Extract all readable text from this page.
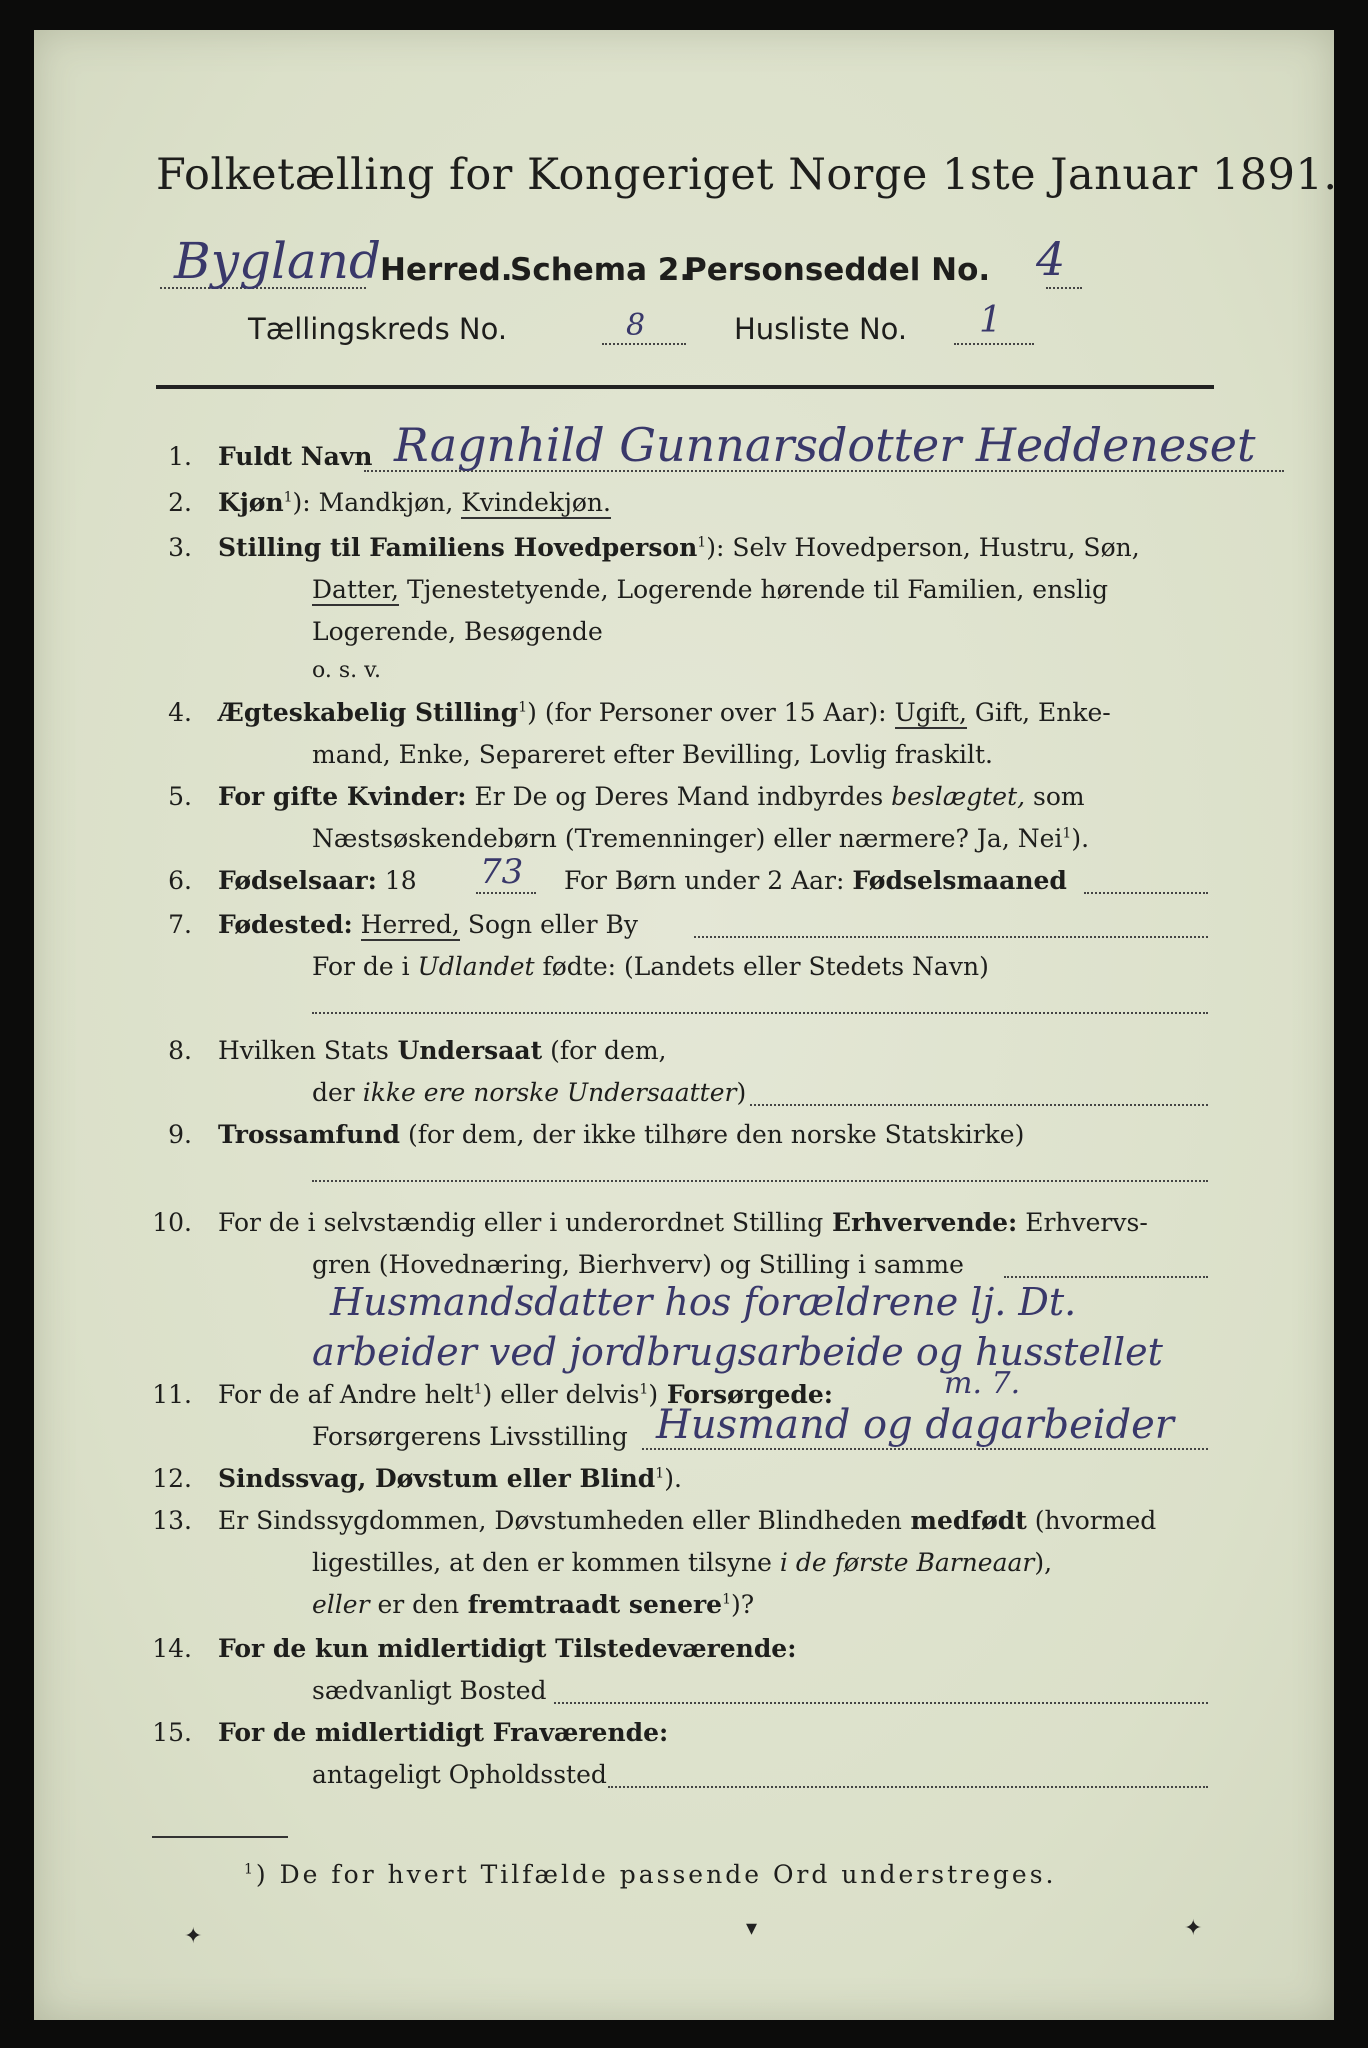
Folketælling for Kongeriget Norge 1ste Januar 1891.
Bygland
Herred.
Schema 2.
Personseddel No. 4
Tællingskreds No.	8	Husliste No. 1
1. Fuldt Navn Ragnhild Gunnarsdotter Heddeneset
2. Kjøn$^1$): Mandkjøn, Kvindekjøn.
3. Stilling til Familiens Hovedperson$^1$): Selv Hovedperson, Hustru, Søn,
Datter, Tjenestetyende, Logerende hørende til Familien, enslig
Logerende, Besøgende
o. s. v.
4. Ægteskabelig Stilling$^1$) (for Personer over 15 Aar): Ugift, Gift, Enke-
mand, Enke, Separeret efter Bevilling, Lovlig fraskilt.
5. For gifte Kvinder: Er De og Deres Mand indbyrdes beslægtet, som
Næstsøskendebørn (Tremenninger) eller nærmere? Ja, Nei$^1$).
6. Fødselsaar: 18 73 For Børn under 2 Aar: Fødselsmaaned
7. Fødested: Herred, Sogn eller By
For de i Udlandet fødte: (Landets eller Stedets Navn)
8. Hvilken Stats Undersaat (for dem,
der ikke ere norske Undersaatter)
9. Trossamfund (for dem, der ikke tilhøre den norske Statskirke)
10. For de i selvstændig eller i underordnet Stilling Erhvervende: Erhvervs-
gren (Hovednæring, Bierhverv) og Stilling i samme
Husmandsdatter hos forældrene lj. Dt.
arbeider ved jordbrugsarbeide og husstellet
11. For de af Andre helt$^1$) eller delvis$^1$) Forsørgede:	m. 7.
Forsørgerens Livsstilling Husmand og dagarbeider
12. Sindssvag, Døvstum eller Blind$^1$).
13. Er Sindssygdommen, Døvstumheden eller Blindheden medfødt (hvormed
ligestilles, at den er kommen tilsyne i de første Barneaar),
eller er den fremtraadt senere$^1$)?
14. For de kun midlertidigt Tilstedeværende:
sædvanligt Bosted
15. For de midlertidigt Fraværende:
antageligt Opholdssted
$^1$) De for hvert Tilfælde passende Ord understreges.
✦	▾	✦
